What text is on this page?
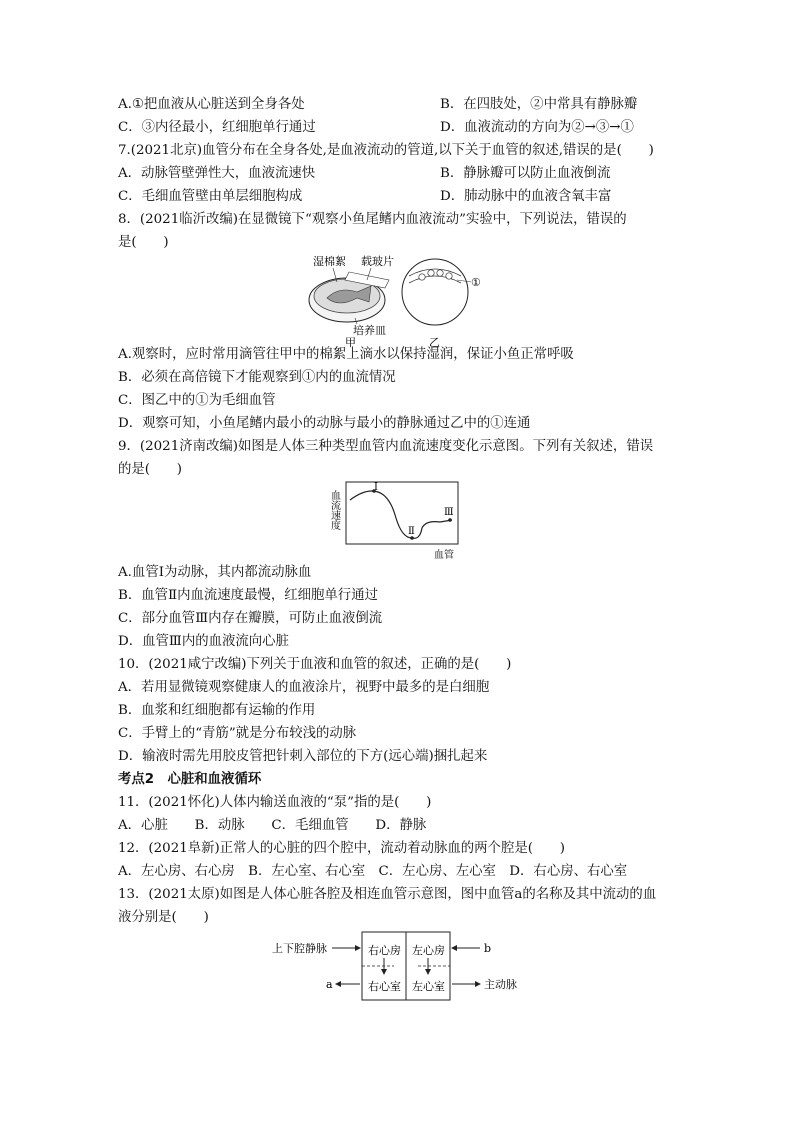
A.①把血液从心脏送到全身各处	B．在四肢处，②中常具有静脉瓣
C．③内径最小，红细胞单行通过	D．血液流动的方向为②→③→①
7.(2021北京)血管分布在全身各处,是血液流动的管道,以下关于血管的叙述,错误的是(　　)
A．动脉管壁弹性大，血液流速快	B．静脉瓣可以防止血液倒流
C．毛细血管壁由单层细胞构成	D．肺动脉中的血液含氧丰富
8．(2021临沂改编)在显微镜下“观察小鱼尾鳍内血液流动”实验中，下列说法，错误的
是(　　)
湿棉絮 载玻片
培养皿
甲
①
乙
A.观察时，应时常用滴管往甲中的棉絮上滴水以保持湿润，保证小鱼正常呼吸
B．必须在高倍镜下才能观察到①内的血流情况
C．图乙中的①为毛细血管
D．观察可知，小鱼尾鳍内最小的动脉与最小的静脉通过乙中的①连通
9．(2021济南改编)如图是人体三种类型血管内血流速度变化示意图。下列有关叙述，错误
的是(　　)
血流速度
Ⅰ
Ⅱ
Ⅲ
血管
A.血管Ⅰ为动脉，其内都流动脉血
B．血管Ⅱ内血流速度最慢，红细胞单行通过
C．部分血管Ⅲ内存在瓣膜，可防止血液倒流
D．血管Ⅲ内的血液流向心脏
10．(2021咸宁改编)下列关于血液和血管的叙述，正确的是(　　)
A．若用显微镜观察健康人的血液涂片，视野中最多的是白细胞
B．血浆和红细胞都有运输的作用
C．手臂上的“青筋”就是分布较浅的动脉
D．输液时需先用胶皮管把针刺入部位的下方(远心端)捆扎起来
考点2　心脏和血液循环
11．(2021怀化)人体内输送血液的“泵”指的是(　　)
A．心脏　　B．动脉　　C．毛细血管　　D．静脉
12．(2021阜新)正常人的心脏的四个腔中，流动着动脉血的两个腔是(　　)
A．左心房、右心房　B．左心室、右心室　C．左心房、左心室　D．右心房、右心室
13．(2021太原)如图是人体心脏各腔及相连血管示意图，图中血管a的名称及其中流动的血
液分别是(　　)
右心房 左心房
右心室 左心室
上下腔静脉	b
a	主动脉
